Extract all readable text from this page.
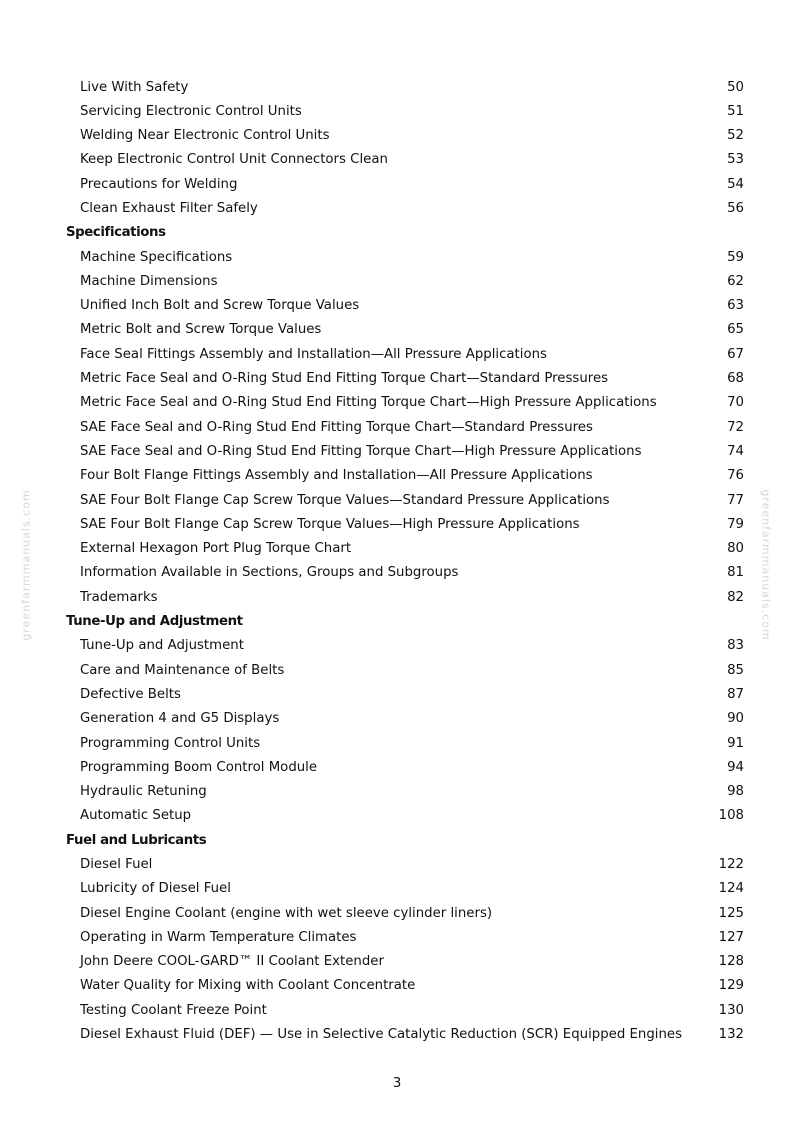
greenfarmmanuals.com	greenfarmmanuals.com
Live With Safety	50
Servicing Electronic Control Units	51
Welding Near Electronic Control Units	52
Keep Electronic Control Unit Connectors Clean	53
Precautions for Welding	54
Clean Exhaust Filter Safely	56
Specifications
Machine Specifications	59
Machine Dimensions	62
Unified Inch Bolt and Screw Torque Values	63
Metric Bolt and Screw Torque Values	65
Face Seal Fittings Assembly and Installation—All Pressure Applications	67
Metric Face Seal and O-Ring Stud End Fitting Torque Chart—Standard Pressures	68
Metric Face Seal and O-Ring Stud End Fitting Torque Chart—High Pressure Applications	70
SAE Face Seal and O-Ring Stud End Fitting Torque Chart—Standard Pressures	72
SAE Face Seal and O-Ring Stud End Fitting Torque Chart—High Pressure Applications	74
Four Bolt Flange Fittings Assembly and Installation—All Pressure Applications	76
SAE Four Bolt Flange Cap Screw Torque Values—Standard Pressure Applications	77
SAE Four Bolt Flange Cap Screw Torque Values—High Pressure Applications	79
External Hexagon Port Plug Torque Chart	80
Information Available in Sections, Groups and Subgroups	81
Trademarks	82
Tune-Up and Adjustment
Tune-Up and Adjustment	83
Care and Maintenance of Belts	85
Defective Belts	87
Generation 4 and G5 Displays	90
Programming Control Units	91
Programming Boom Control Module	94
Hydraulic Retuning	98
Automatic Setup	108
Fuel and Lubricants
Diesel Fuel	122
Lubricity of Diesel Fuel	124
Diesel Engine Coolant (engine with wet sleeve cylinder liners)	125
Operating in Warm Temperature Climates	127
John Deere COOL-GARD™ II Coolant Extender	128
Water Quality for Mixing with Coolant Concentrate	129
Testing Coolant Freeze Point	130
Diesel Exhaust Fluid (DEF) — Use in Selective Catalytic Reduction (SCR) Equipped Engines	132
3
